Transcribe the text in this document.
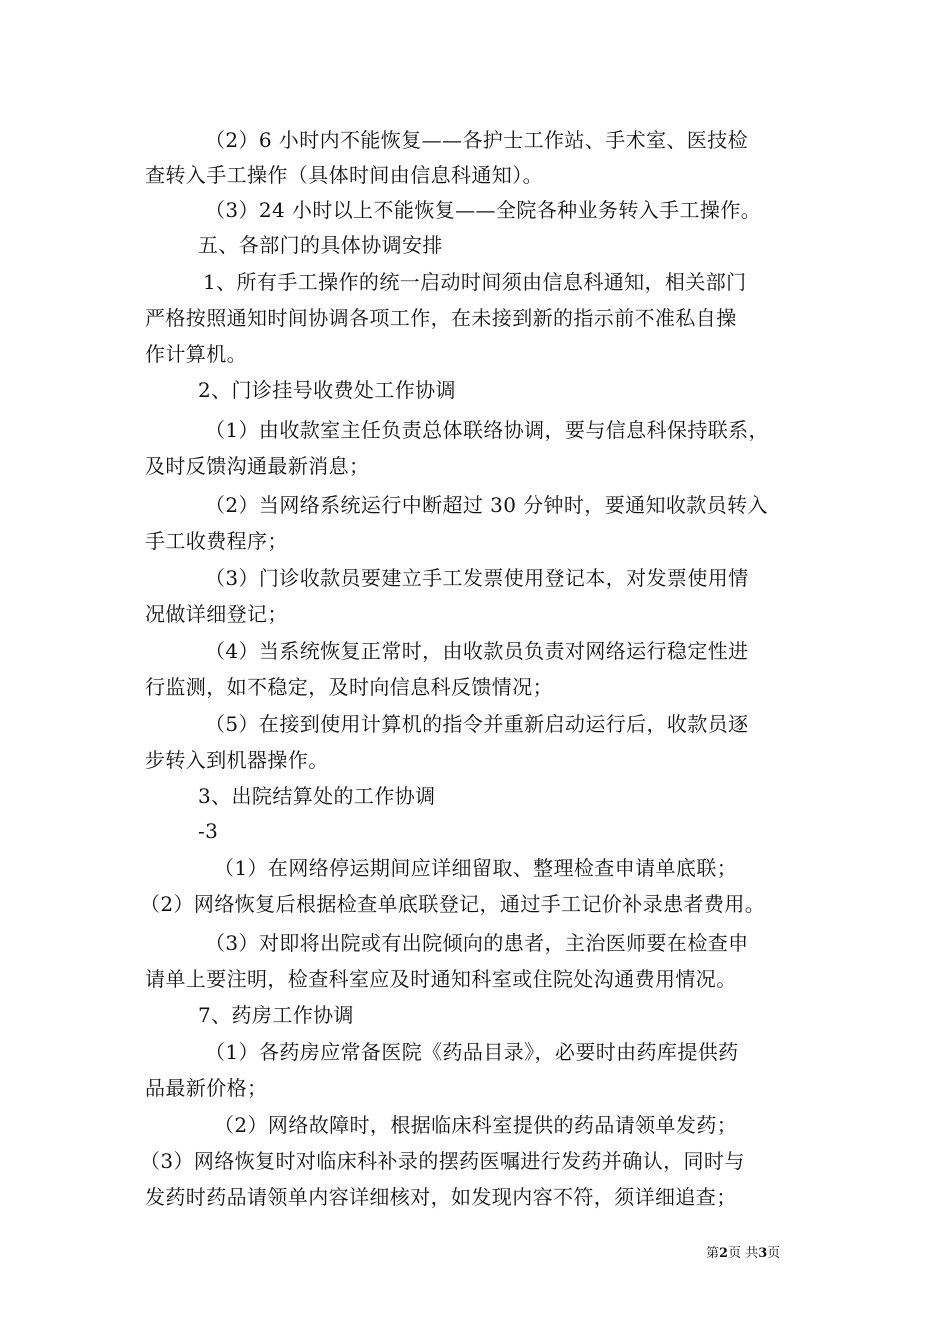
（2）6 小时内不能恢复——各护士工作站、手术室、医技检
查转入手工操作（具体时间由信息科通知）。
（3）24 小时以上不能恢复——全院各种业务转入手工操作。
五、各部门的具体协调安排
1、所有手工操作的统一启动时间须由信息科通知，相关部门
严格按照通知时间协调各项工作，在未接到新的指示前不准私自操
作计算机。
2、门诊挂号收费处工作协调
（1）由收款室主任负责总体联络协调，要与信息科保持联系，
及时反馈沟通最新消息；
（2）当网络系统运行中断超过 30 分钟时，要通知收款员转入
手工收费程序；
（3）门诊收款员要建立手工发票使用登记本，对发票使用情
况做详细登记；
（4）当系统恢复正常时，由收款员负责对网络运行稳定性进
行监测，如不稳定，及时向信息科反馈情况；
（5）在接到使用计算机的指令并重新启动运行后，收款员逐
步转入到机器操作。
3、出院结算处的工作协调
-3
（1）在网络停运期间应详细留取、整理检查申请单底联；
（2）网络恢复后根据检查单底联登记，通过手工记价补录患者费用。
（3）对即将出院或有出院倾向的患者，主治医师要在检查申
请单上要注明，检查科室应及时通知科室或住院处沟通费用情况。
7、药房工作协调
（1）各药房应常备医院《药品目录》，必要时由药库提供药
品最新价格；
（2）网络故障时，根据临床科室提供的药品请领单发药；
（3）网络恢复时对临床科补录的摆药医嘱进行发药并确认，同时与
发药时药品请领单内容详细核对，如发现内容不符，须详细追查；
第2页 共3页
